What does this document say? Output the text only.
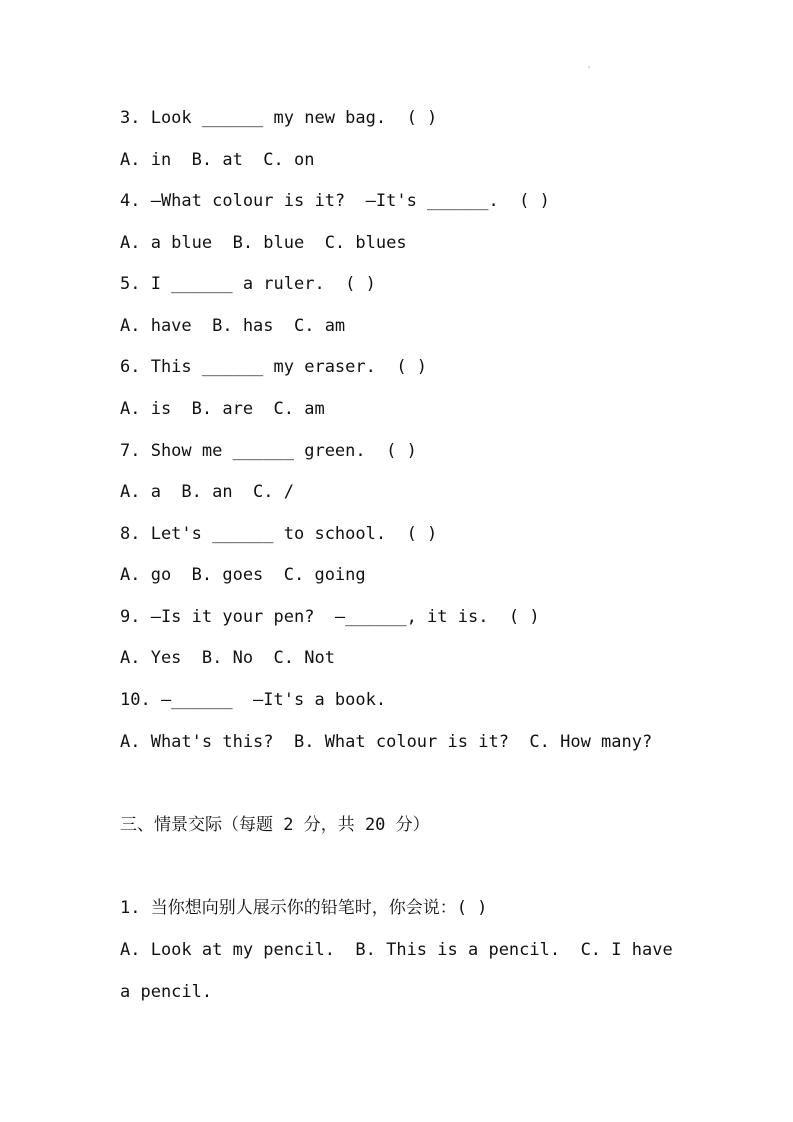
3. Look ______ my new bag.  ( )

A. in  B. at  C. on

4. —What colour is it?  —It's ______.  ( )

A. a blue  B. blue  C. blues

5. I ______ a ruler.  ( )

A. have  B. has  C. am

6. This ______ my eraser.  ( )

A. is  B. are  C. am

7. Show me ______ green.  ( )

A. a  B. an  C. /

8. Let's ______ to school.  ( )

A. go  B. goes  C. going

9. —Is it your pen?  —______, it is.  ( )

A. Yes  B. No  C. Not

10. —______  —It's a book.

A. What's this?  B. What colour is it?  C. How many?

三、情景交际（每题 2 分，共 20 分）

1. 当你想向别人展示你的铅笔时，你会说：( )

A. Look at my pencil.  B. This is a pencil.  C. I have

a pencil.
